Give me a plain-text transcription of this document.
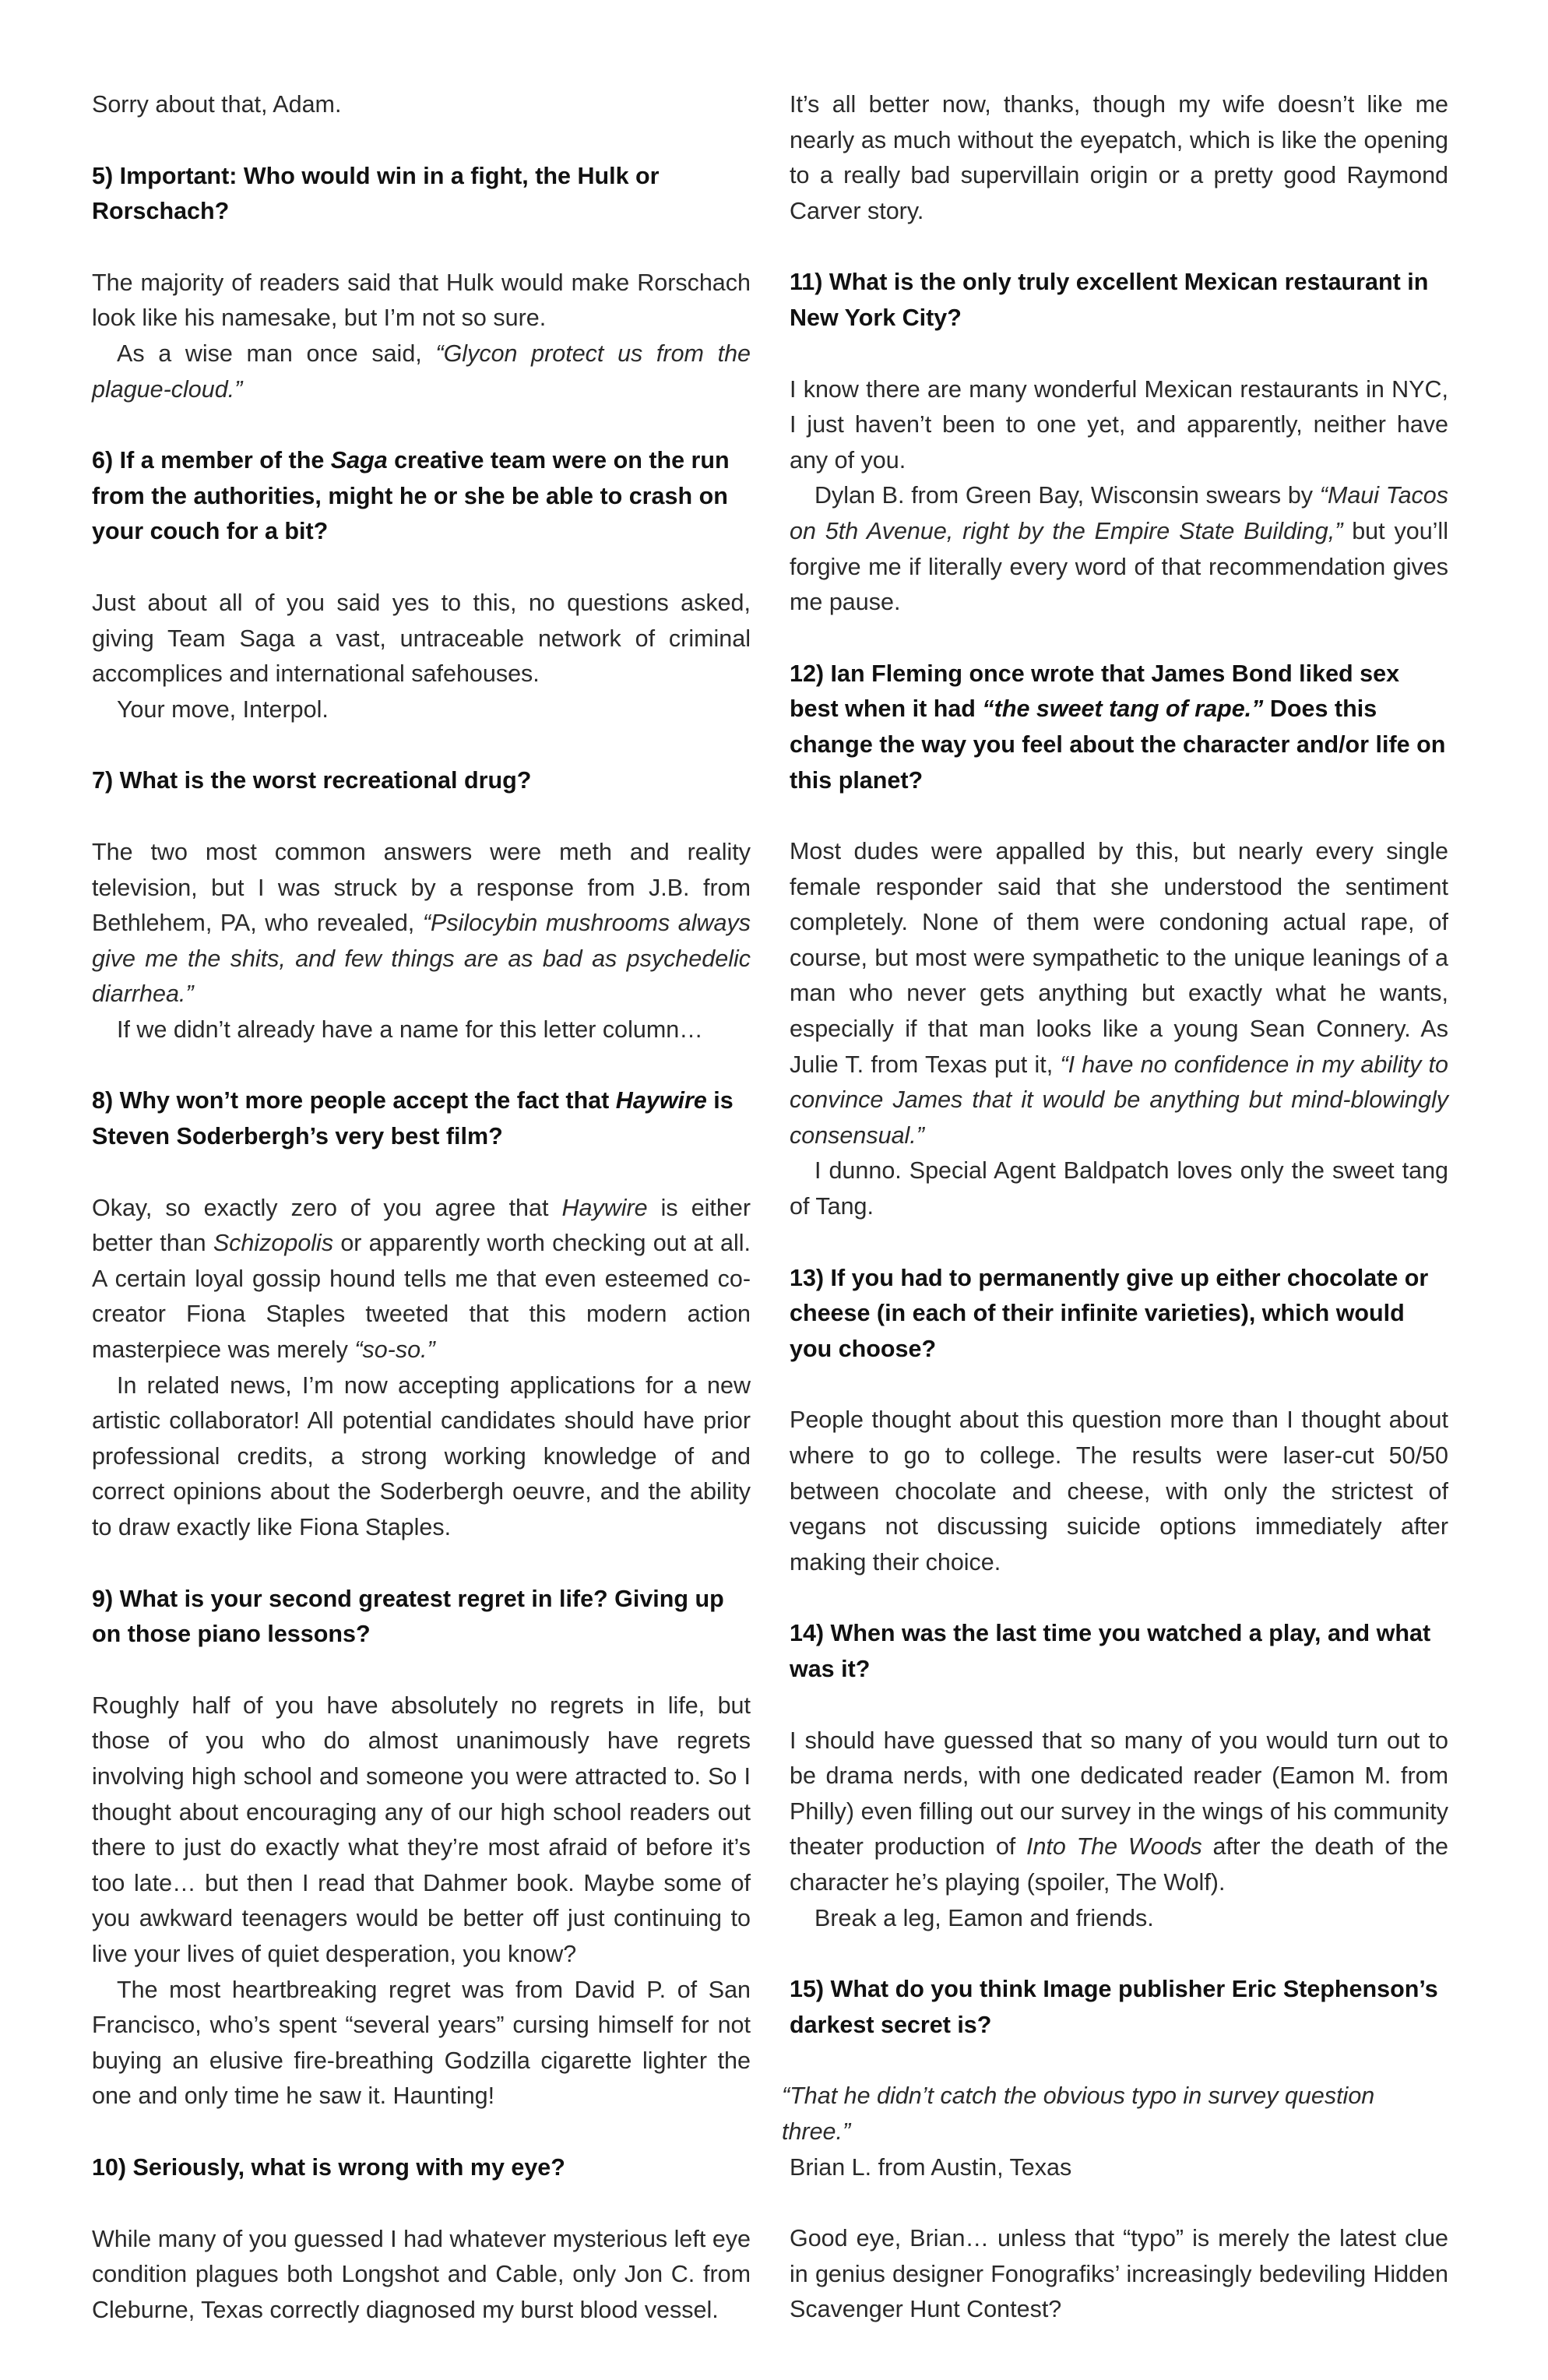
Sorry about that, Adam.

5) Important: Who would win in a fight, the Hulk or Rorschach?

The majority of readers said that Hulk would make Rorschach look like his namesake, but I’m not so sure.

As a wise man once said, “Glycon protect us from the plague-cloud.”

6) If a member of the Saga creative team were on the run from the authorities, might he or she be able to crash on your couch for a bit?

Just about all of you said yes to this, no questions asked, giving Team Saga a vast, untraceable network of criminal accomplices and international safehouses.

Your move, Interpol.

7) What is the worst recreational drug?

The two most common answers were meth and reality television, but I was struck by a response from J.B. from Bethlehem, PA, who revealed, “Psilocybin mushrooms always give me the shits, and few things are as bad as psychedelic diarrhea.”

If we didn’t already have a name for this letter column…

8) Why won’t more people accept the fact that Haywire is Steven Soderbergh’s very best film?

Okay, so exactly zero of you agree that Haywire is either better than Schizopolis or apparently worth checking out at all. A certain loyal gossip hound tells me that even esteemed co-creator Fiona Staples tweeted that this modern action masterpiece was merely “so-so.”

In related news, I’m now accepting applications for a new artistic collaborator! All potential candidates should have prior professional credits, a strong working knowledge of and correct opinions about the Soderbergh oeuvre, and the ability to draw exactly like Fiona Staples.

9) What is your second greatest regret in life? Giving up on those piano lessons?

Roughly half of you have absolutely no regrets in life, but those of you who do almost unanimously have regrets involving high school and someone you were attracted to. So I thought about encouraging any of our high school readers out there to just do exactly what they’re most afraid of before it’s too late… but then I read that Dahmer book. Maybe some of you awkward teenagers would be better off just continuing to live your lives of quiet desperation, you know?

The most heartbreaking regret was from David P. of San Francisco, who’s spent “several years” cursing himself for not buying an elusive fire-breathing Godzilla cigarette lighter the one and only time he saw it. Haunting!

10) Seriously, what is wrong with my eye?

While many of you guessed I had whatever mysterious left eye condition plagues both Longshot and Cable, only Jon C. from Cleburne, Texas correctly diagnosed my burst blood vessel.

It’s all better now, thanks, though my wife doesn’t like me nearly as much without the eyepatch, which is like the opening to a really bad supervillain origin or a pretty good Raymond Carver story.

11) What is the only truly excellent Mexican restaurant in New York City?

I know there are many wonderful Mexican restaurants in NYC, I just haven’t been to one yet, and apparently, neither have any of you.

Dylan B. from Green Bay, Wisconsin swears by “Maui Tacos on 5th Avenue, right by the Empire State Building,” but you’ll forgive me if literally every word of that recommendation gives me pause.

12) Ian Fleming once wrote that James Bond liked sex best when it had “the sweet tang of rape.” Does this change the way you feel about the character and/or life on this planet?

Most dudes were appalled by this, but nearly every single female responder said that she understood the sentiment completely. None of them were condoning actual rape, of course, but most were sympathetic to the unique leanings of a man who never gets anything but exactly what he wants, especially if that man looks like a young Sean Connery. As Julie T. from Texas put it, “I have no confidence in my ability to convince James that it would be anything but mind-blowingly consensual.”

I dunno. Special Agent Baldpatch loves only the sweet tang of Tang.

13) If you had to permanently give up either chocolate or cheese (in each of their infinite varieties), which would you choose?

People thought about this question more than I thought about where to go to college. The results were laser-cut 50/50 between chocolate and cheese, with only the strictest of vegans not discussing suicide options immediately after making their choice.

14) When was the last time you watched a play, and what was it?

I should have guessed that so many of you would turn out to be drama nerds, with one dedicated reader (Eamon M. from Philly) even filling out our survey in the wings of his community theater production of Into The Woods after the death of the character he’s playing (spoiler, The Wolf).

Break a leg, Eamon and friends.

15) What do you think Image publisher Eric Stephenson’s darkest secret is?

“That he didn’t catch the obvious typo in survey question three.”

Brian L. from Austin, Texas

Good eye, Brian… unless that “typo” is merely the latest clue in genius designer Fonografiks’ increasingly bedeviling Hidden Scavenger Hunt Contest?
